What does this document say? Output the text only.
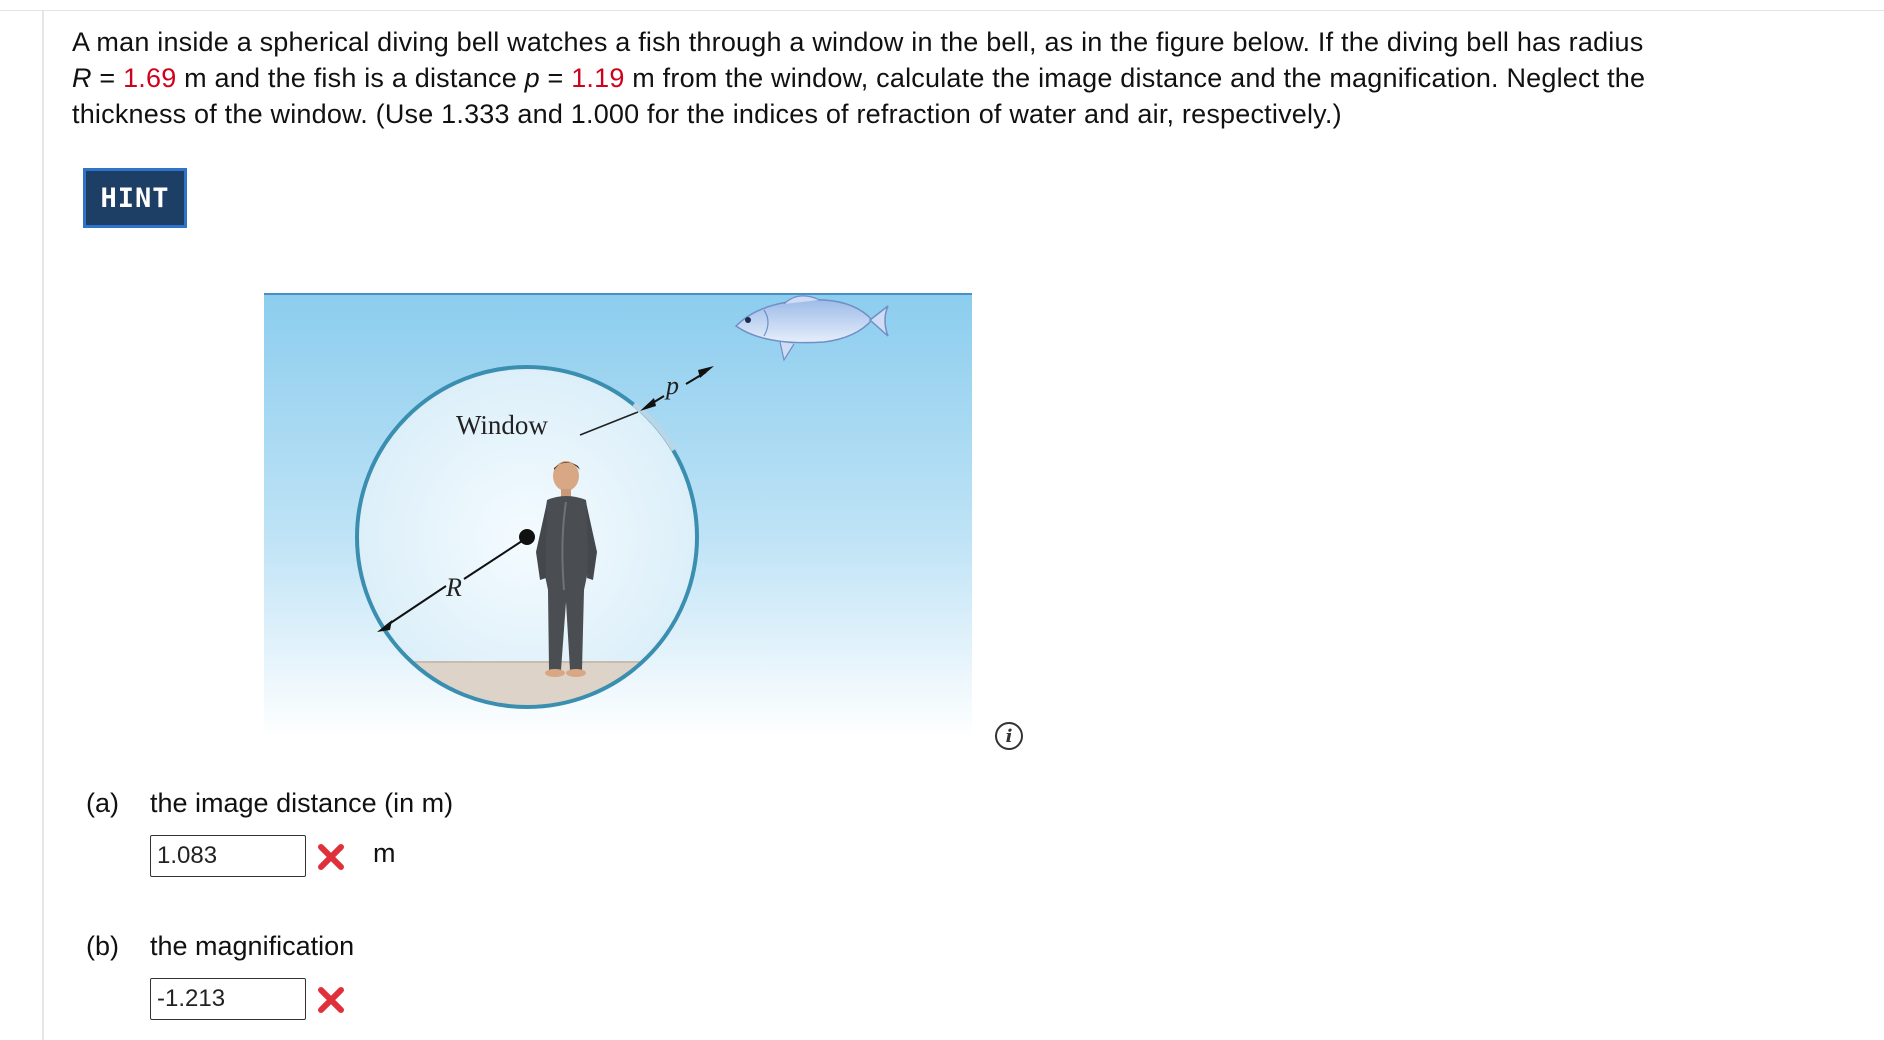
A man inside a spherical diving bell watches a fish through a window in the bell, as in the figure below. If the diving bell has radius
R = 1.69 m and the fish is a distance p = 1.19 m from the window, calculate the image distance and the magnification. Neglect the
thickness of the window. (Use 1.333 and 1.000 for the indices of refraction of water and air, respectively.)
HINT
R
Window
p
i
(a) the image distance (in m)
1.083
m
(b) the magnification
-1.213
